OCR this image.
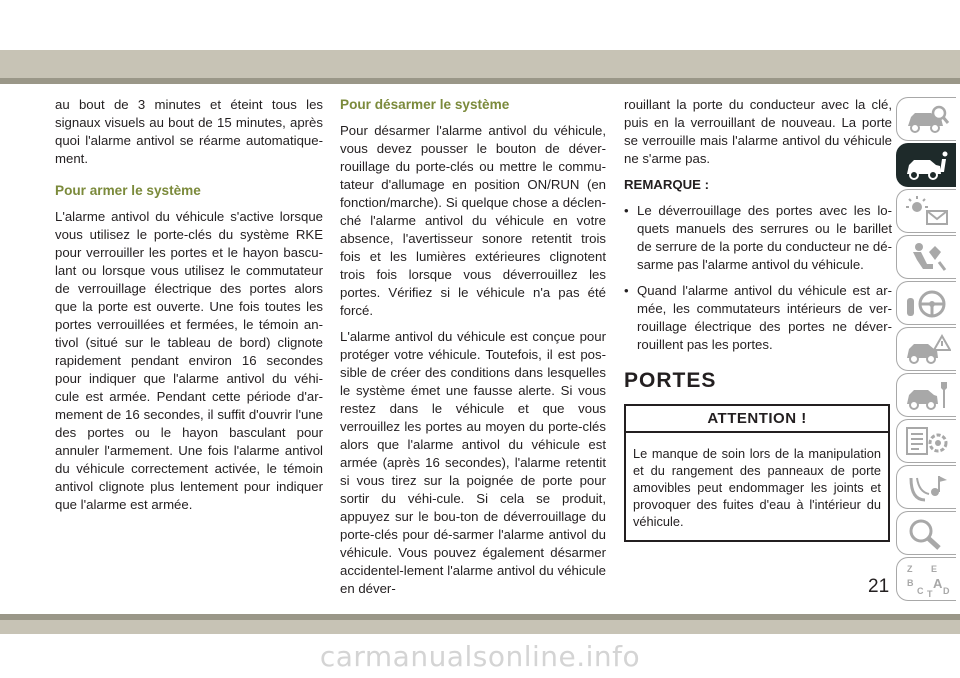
au bout de 3 minutes et éteint tous les signaux visuels au bout de 15 minutes, après quoi l'alarme antivol se réarme automatique-ment.

Pour armer le système

L'alarme antivol du véhicule s'active lorsque vous utilisez le porte-clés du système RKE pour verrouiller les portes et le hayon bascu-lant ou lorsque vous utilisez le commutateur de verrouillage électrique des portes alors que la porte est ouverte. Une fois toutes les portes verrouillées et fermées, le témoin an-tivol (situé sur le tableau de bord) clignote rapidement pendant environ 16 secondes pour indiquer que l'alarme antivol du véhi-cule est armée. Pendant cette période d'ar-mement de 16 secondes, il suffit d'ouvrir l'une des portes ou le hayon basculant pour annuler l'armement. Une fois l'alarme antivol du véhicule correctement activée, le témoin antivol clignote plus lentement pour indiquer que l'alarme est armée.

Pour désarmer le système

Pour désarmer l'alarme antivol du véhicule, vous devez pousser le bouton de déver-rouillage du porte-clés ou mettre le commu-tateur d'allumage en position ON/RUN (en fonction/marche). Si quelque chose a déclen-ché l'alarme antivol du véhicule en votre absence, l'avertisseur sonore retentit trois fois et les lumières extérieures clignotent trois fois lorsque vous déverrouillez les portes. Vérifiez si le véhicule n'a pas été forcé.

L'alarme antivol du véhicule est conçue pour protéger votre véhicule. Toutefois, il est pos-sible de créer des conditions dans lesquelles le système émet une fausse alerte. Si vous restez dans le véhicule et que vous verrouillez les portes au moyen du porte-clés alors que l'alarme antivol du véhicule est armée (après 16 secondes), l'alarme retentit si vous tirez sur la poignée de porte pour sortir du véhi-cule. Si cela se produit, appuyez sur le bou-ton de déverrouillage du porte-clés pour dé-sarmer l'alarme antivol du véhicule. Vous pouvez également désarmer accidentel-lement l'alarme antivol du véhicule en déver-

rouillant la porte du conducteur avec la clé, puis en la verrouillant de nouveau. La porte se verrouille mais l'alarme antivol du véhicule ne s'arme pas.

REMARQUE :
• Le déverrouillage des portes avec les lo-quets manuels des serrures ou le barillet de serrure de la porte du conducteur ne dé-sarme pas l'alarme antivol du véhicule.
• Quand l'alarme antivol du véhicule est ar-mée, les commutateurs intérieurs de ver-rouillage électrique des portes ne déver-rouillent pas les portes.
PORTES
ATTENTION !
Le manque de soin lors de la manipulation et du rangement des panneaux de porte amovibles peut endommager les joints et provoquer des fuites d'eau à l'intérieur du véhicule.
Z E
B A
C D
T
21
carmanualsonline.info
